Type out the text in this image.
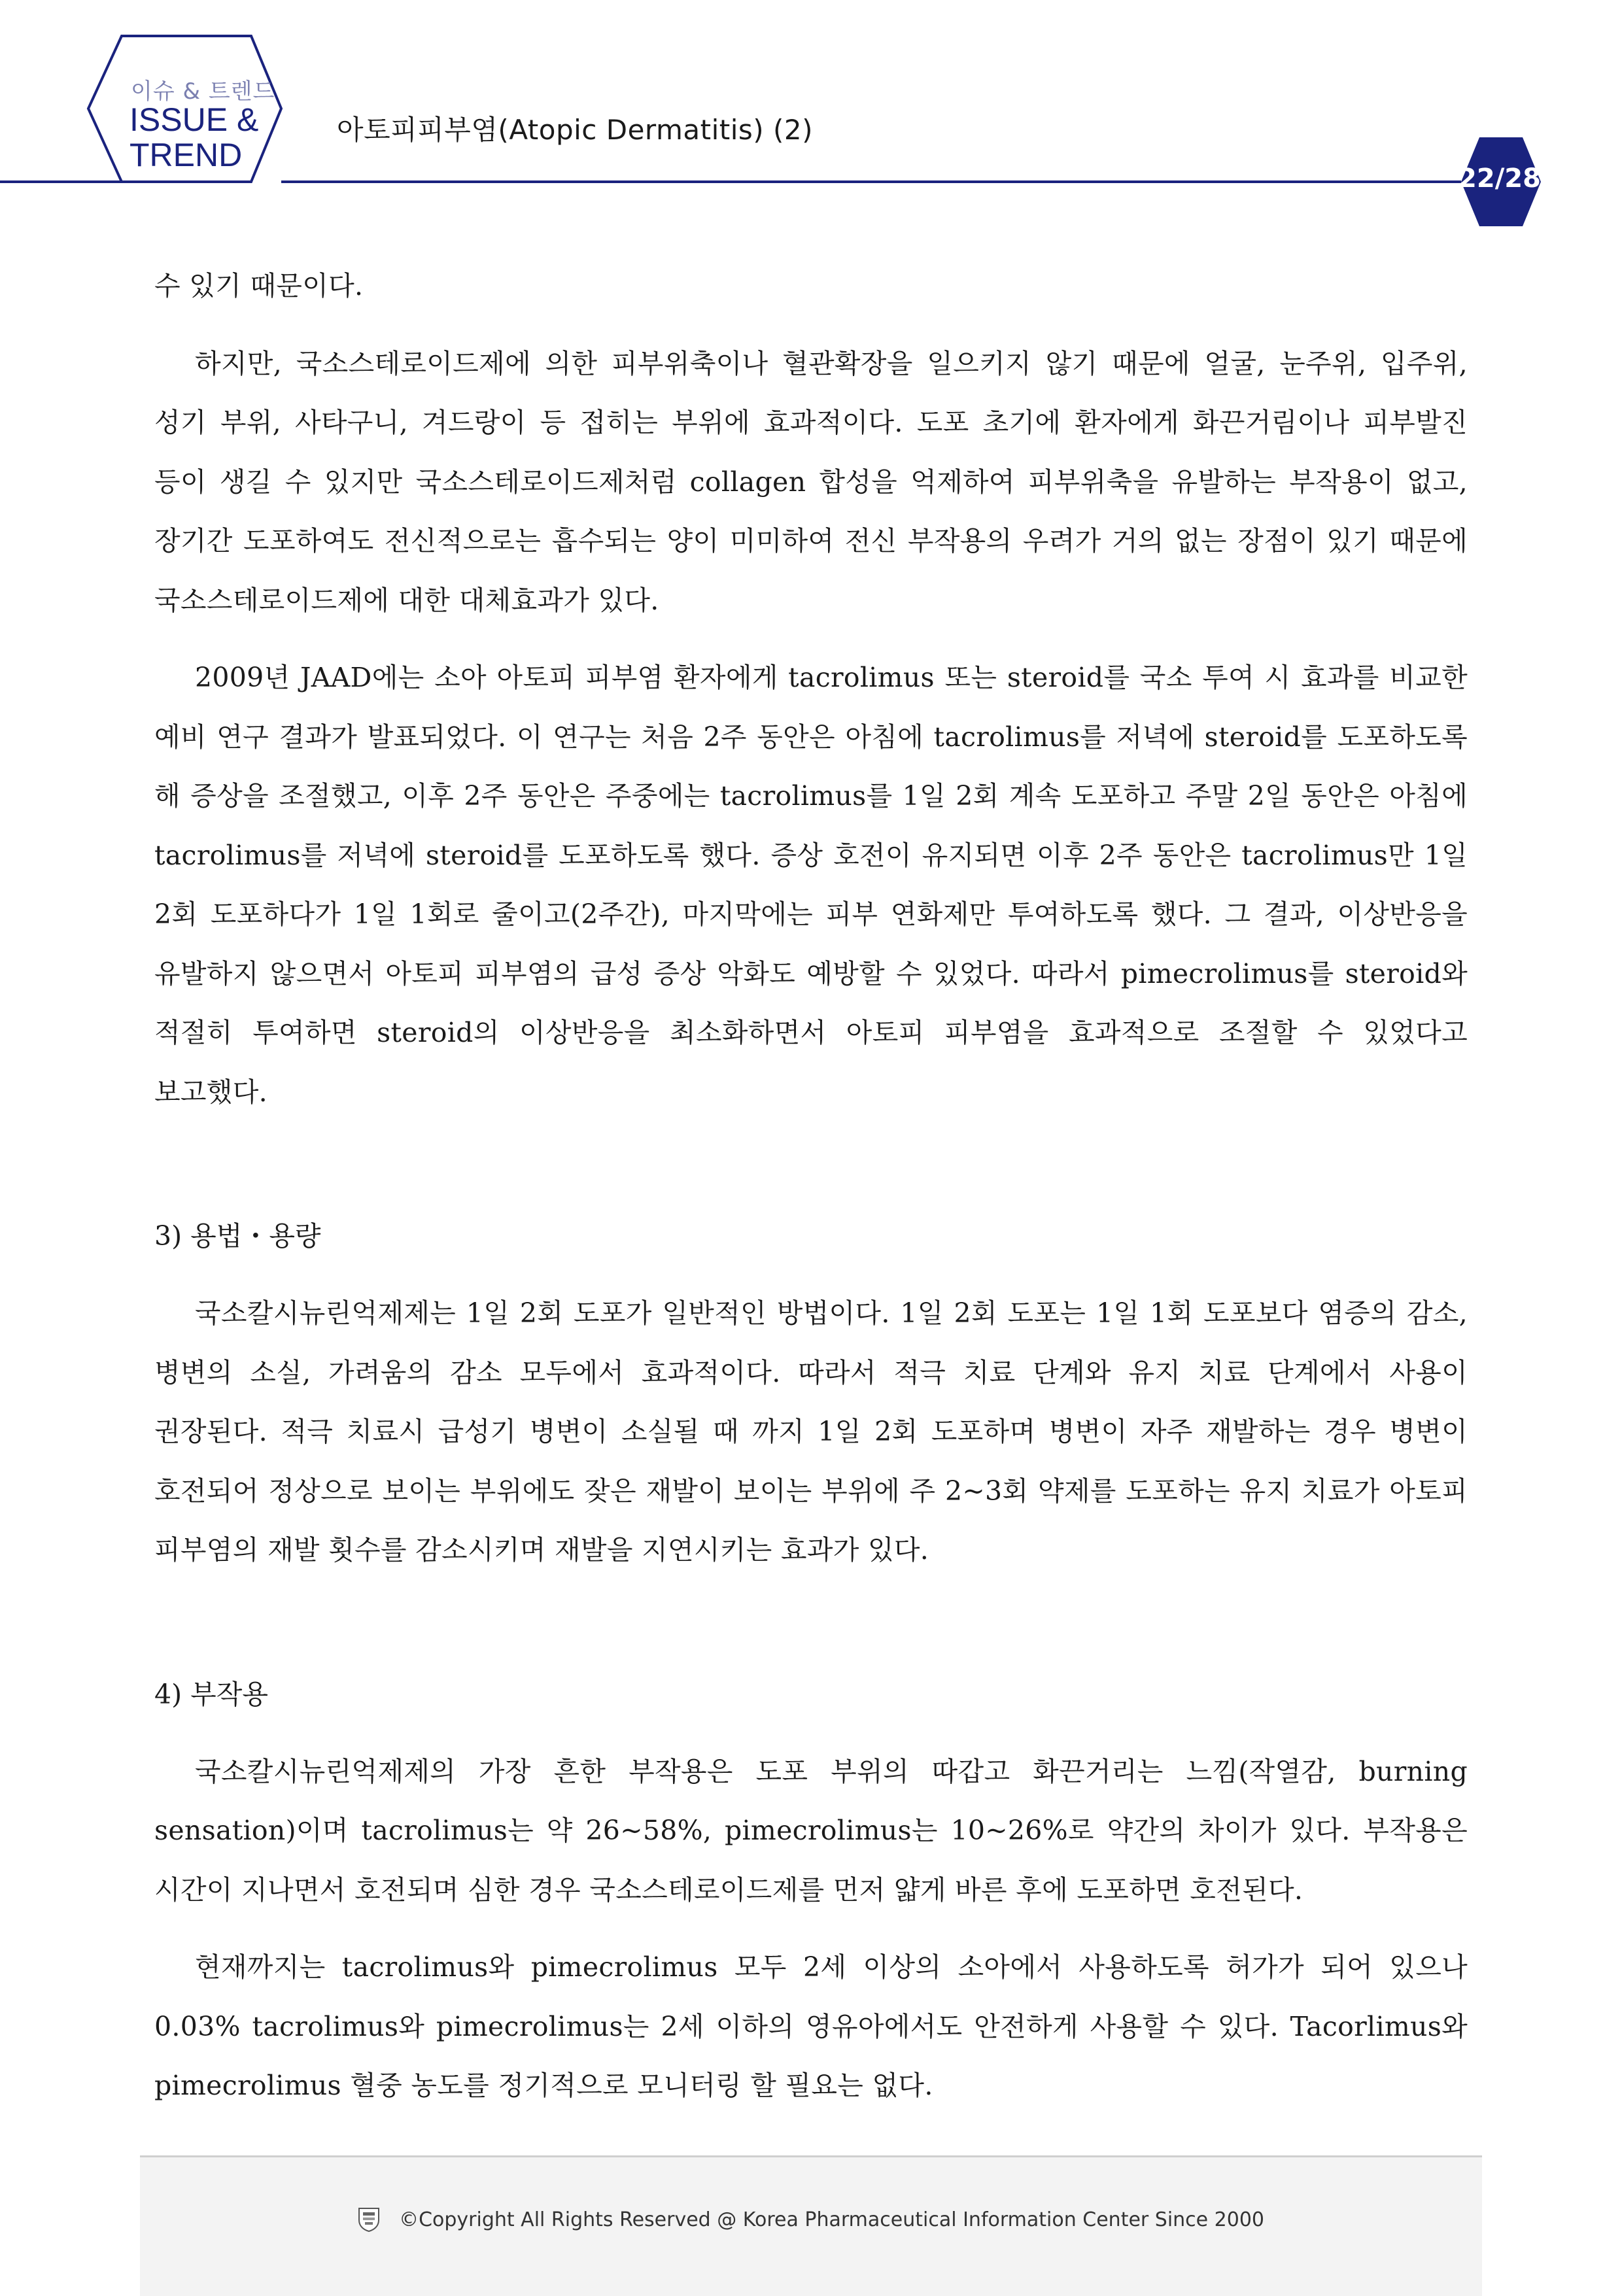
이슈 & 트렌드
ISSUE &
TREND
아토피피부염(Atopic Dermatitis) (2)
22/28

수 있기 때문이다.

하지만, 국소스테로이드제에 의한 피부위축이나 혈관확장을 일으키지 않기 때문에 얼굴, 눈주위, 입주위, 성기 부위, 사타구니, 겨드랑이 등 접히는 부위에 효과적이다. 도포 초기에 환자에게 화끈거림이나 피부발진 등이 생길 수 있지만 국소스테로이드제처럼 collagen 합성을 억제하여 피부위축을 유발하는 부작용이 없고, 장기간 도포하여도 전신적으로는 흡수되는 양이 미미하여 전신 부작용의 우려가 거의 없는 장점이 있기 때문에 국소스테로이드제에 대한 대체효과가 있다.

2009년 JAAD에는 소아 아토피 피부염 환자에게 tacrolimus 또는 steroid를 국소 투여 시 효과를 비교한 예비 연구 결과가 발표되었다. 이 연구는 처음 2주 동안은 아침에 tacrolimus를 저녁에 steroid를 도포하도록 해 증상을 조절했고, 이후 2주 동안은 주중에는 tacrolimus를 1일 2회 계속 도포하고 주말 2일 동안은 아침에 tacrolimus를 저녁에 steroid를 도포하도록 했다. 증상 호전이 유지되면 이후 2주 동안은 tacrolimus만 1일 2회 도포하다가 1일 1회로 줄이고(2주간), 마지막에는 피부 연화제만 투여하도록 했다. 그 결과, 이상반응을 유발하지 않으면서 아토피 피부염의 급성 증상 악화도 예방할 수 있었다. 따라서 pimecrolimus를 steroid와 적절히 투여하면 steroid의 이상반응을 최소화하면서 아토피 피부염을 효과적으로 조절할 수 있었다고 보고했다.

3) 용법・용량

국소칼시뉴린억제제는 1일 2회 도포가 일반적인 방법이다. 1일 2회 도포는 1일 1회 도포보다 염증의 감소, 병변의 소실, 가려움의 감소 모두에서 효과적이다. 따라서 적극 치료 단계와 유지 치료 단계에서 사용이 권장된다. 적극 치료시 급성기 병변이 소실될 때 까지 1일 2회 도포하며 병변이 자주 재발하는 경우 병변이 호전되어 정상으로 보이는 부위에도 잦은 재발이 보이는 부위에 주 2~3회 약제를 도포하는 유지 치료가 아토피 피부염의 재발 횟수를 감소시키며 재발을 지연시키는 효과가 있다.

4) 부작용

국소칼시뉴린억제제의 가장 흔한 부작용은 도포 부위의 따갑고 화끈거리는 느낌(작열감, burning sensation)이며 tacrolimus는 약 26~58%, pimecrolimus는 10~26%로 약간의 차이가 있다. 부작용은 시간이 지나면서 호전되며 심한 경우 국소스테로이드제를 먼저 얇게 바른 후에 도포하면 호전된다.

현재까지는 tacrolimus와 pimecrolimus 모두 2세 이상의 소아에서 사용하도록 허가가 되어 있으나 0.03% tacrolimus와 pimecrolimus는 2세 이하의 영유아에서도 안전하게 사용할 수 있다. Tacorlimus와 pimecrolimus 혈중 농도를 정기적으로 모니터링 할 필요는 없다.

©Copyright All Rights Reserved @ Korea Pharmaceutical Information Center Since 2000
